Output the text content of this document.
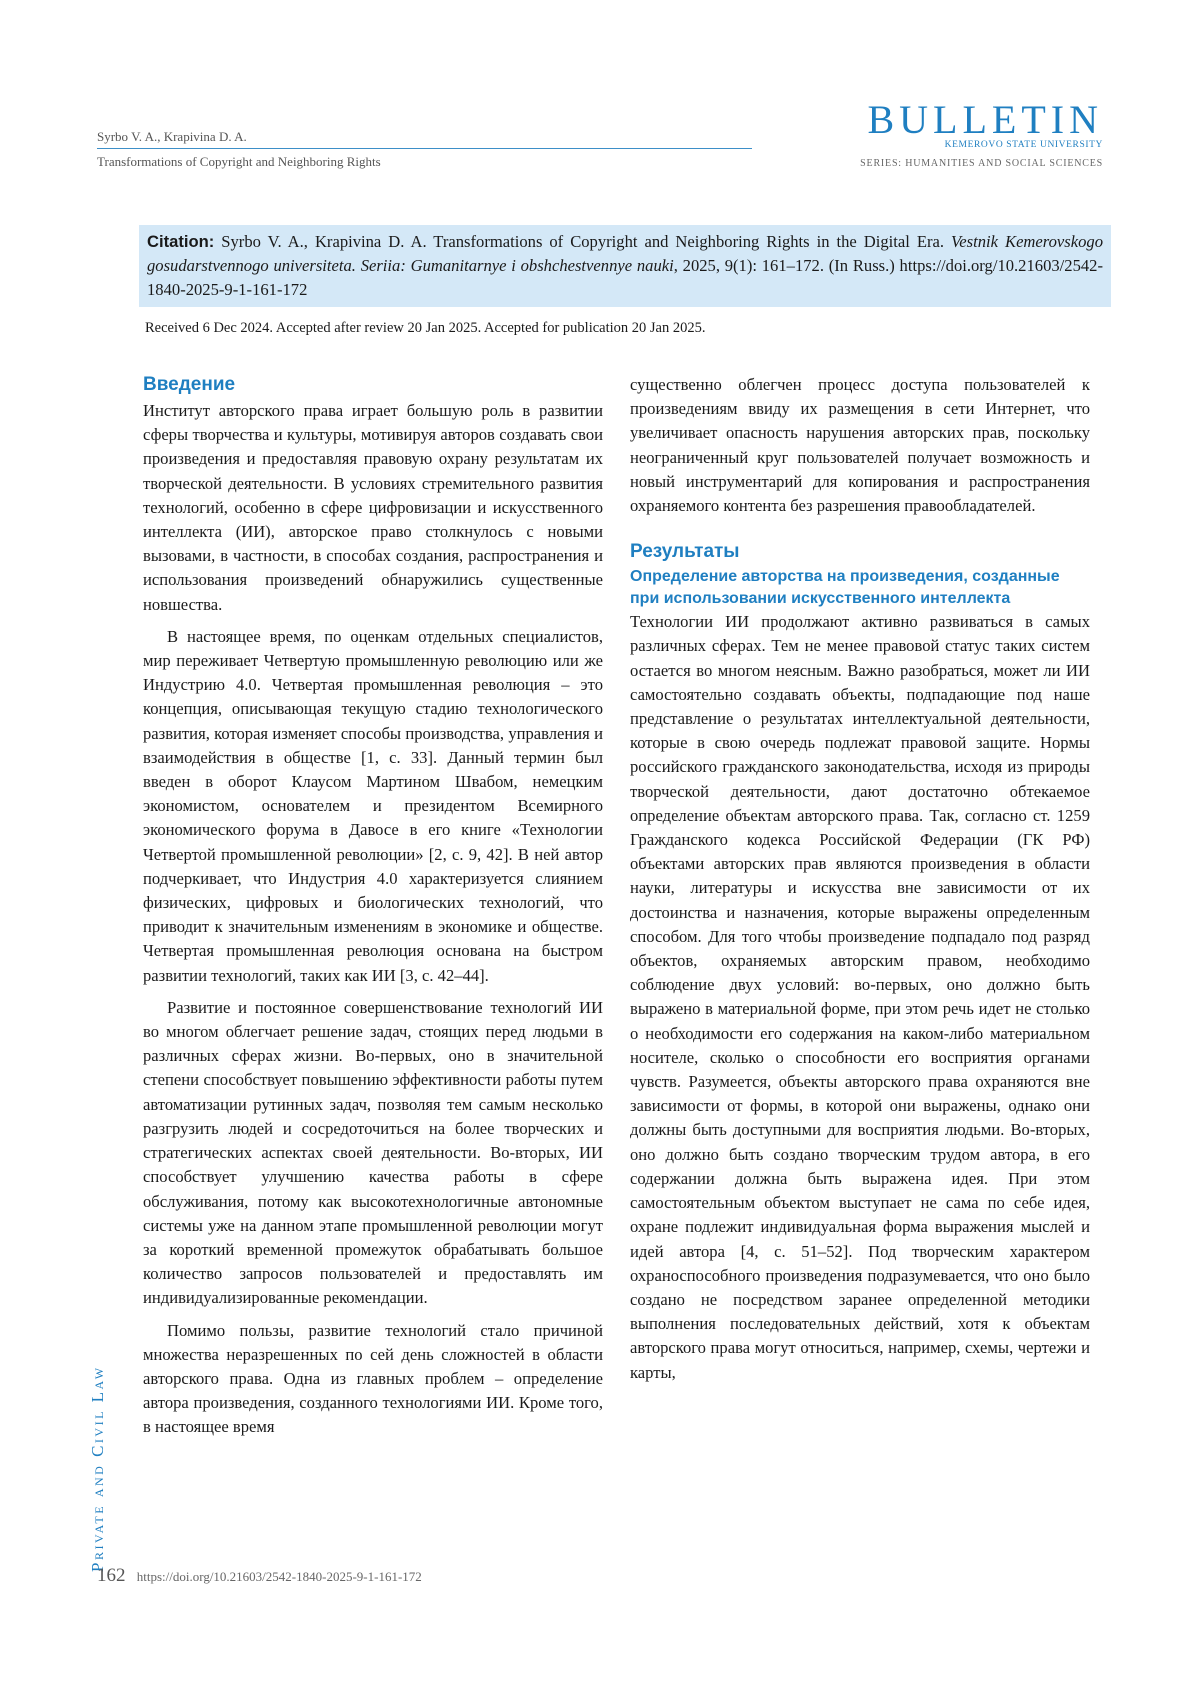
Syrbo V. A., Krapivina D. A.
Transformations of Copyright and Neighboring Rights
BULLETIN
KEMEROVO STATE UNIVERSITY
SERIES: HUMANITIES AND SOCIAL SCIENCES
Citation: Syrbo V. A., Krapivina D. A. Transformations of Copyright and Neighboring Rights in the Digital Era. Vestnik Kemerovskogo gosudarstvennogo universiteta. Seriia: Gumanitarnye i obshchestvennye nauki, 2025, 9(1): 161–172. (In Russ.) https://doi.org/10.21603/2542-1840-2025-9-1-161-172
Received 6 Dec 2024. Accepted after review 20 Jan 2025. Accepted for publication 20 Jan 2025.
Введение

Институт авторского права играет большую роль в развитии сферы творчества и культуры, мотивируя авторов создавать свои произведения и предоставляя правовую охрану результатам их творческой деятельности. В условиях стремительного развития технологий, особенно в сфере цифровизации и искусственного интеллекта (ИИ), авторское право столкнулось с новыми вызовами, в частности, в способах создания, распространения и использования произведений обнаружились существенные новшества.

В настоящее время, по оценкам отдельных специалистов, мир переживает Четвертую промышленную революцию или же Индустрию 4.0. Четвертая промышленная революция – это концепция, описывающая текущую стадию технологического развития, которая изменяет способы производства, управления и взаимодействия в обществе [1, с. 33]. Данный термин был введен в оборот Клаусом Мартином Швабом, немецким экономистом, основателем и президентом Всемирного экономического форума в Давосе в его книге «Технологии Четвертой промышленной революции» [2, с. 9, 42]. В ней автор подчеркивает, что Индустрия 4.0 характеризуется слиянием физических, цифровых и биологических технологий, что приводит к значительным изменениям в экономике и обществе. Четвертая промышленная революция основана на быстром развитии технологий, таких как ИИ [3, с. 42–44].

Развитие и постоянное совершенствование технологий ИИ во многом облегчает решение задач, стоящих перед людьми в различных сферах жизни. Во-первых, оно в значительной степени способствует повышению эффективности работы путем автоматизации рутинных задач, позволяя тем самым несколько разгрузить людей и сосредоточиться на более творческих и стратегических аспектах своей деятельности. Во-вторых, ИИ способствует улучшению качества работы в сфере обслуживания, потому как высокотехнологичные автономные системы уже на данном этапе промышленной революции могут за короткий временной промежуток обрабатывать большое количество запросов пользователей и предоставлять им индивидуализированные рекомендации.

Помимо пользы, развитие технологий стало причиной множества неразрешенных по сей день сложностей в области авторского права. Одна из главных проблем – определение автора произведения, созданного технологиями ИИ. Кроме того, в настоящее время

существенно облегчен процесс доступа пользователей к произведениям ввиду их размещения в сети Интернет, что увеличивает опасность нарушения авторских прав, поскольку неограниченный круг пользователей получает возможность и новый инструментарий для копирования и распространения охраняемого контента без разрешения правообладателей.

Результаты
Определение авторства на произведения, созданные при использовании искусственного интеллекта

Технологии ИИ продолжают активно развиваться в самых различных сферах. Тем не менее правовой статус таких систем остается во многом неясным. Важно разобраться, может ли ИИ самостоятельно создавать объекты, подпадающие под наше представление о результатах интеллектуальной деятельности, которые в свою очередь подлежат правовой защите. Нормы российского гражданского законодательства, исходя из природы творческой деятельности, дают достаточно обтекаемое определение объектам авторского права. Так, согласно ст. 1259 Гражданского кодекса Российской Федерации (ГК РФ) объектами авторских прав являются произведения в области науки, литературы и искусства вне зависимости от их достоинства и назначения, которые выражены определенным способом. Для того чтобы произведение подпадало под разряд объектов, охраняемых авторским правом, необходимо соблюдение двух условий: во-первых, оно должно быть выражено в материальной форме, при этом речь идет не столько о необходимости его содержания на каком-либо материальном носителе, сколько о способности его восприятия органами чувств. Разумеется, объекты авторского права охраняются вне зависимости от формы, в которой они выражены, однако они должны быть доступными для восприятия людьми. Во-вторых, оно должно быть создано творческим трудом автора, в его содержании должна быть выражена идея. При этом самостоятельным объектом выступает не сама по себе идея, охране подлежит индивидуальная форма выражения мыслей и идей автора [4, с. 51–52]. Под творческим характером охраноспособного произведения подразумевается, что оно было создано не посредством заранее определенной методики выполнения последовательных действий, хотя к объектам авторского права могут относиться, например, схемы, чертежи и карты,

Private and Civil Law
162 https://doi.org/10.21603/2542-1840-2025-9-1-161-172
